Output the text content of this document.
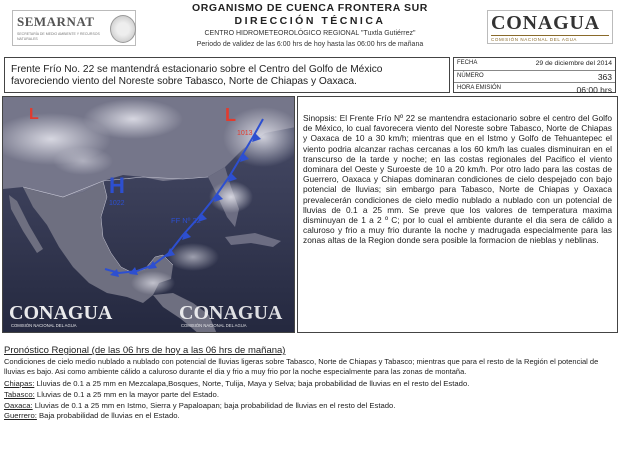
SEMARNAT
SECRETARÍA DE MEDIO AMBIENTE Y RECURSOS NATURALES
ORGANISMO DE CUENCA FRONTERA SUR
DIRECCIÓN TÉCNICA
CENTRO HIDROMETEOROLÓGICO REGIONAL "Tuxtla Gutiérrez"
Periodo de validez de las 6:00 hrs de hoy hasta las 06:00 hrs de mañana
CONAGUA
COMISIÓN NACIONAL DEL AGUA
Frente Frío No. 22 se mantendrá estacionario sobre el Centro del Golfo de México favoreciendo viento del Noreste sobre Tabasco, Norte de Chiapas y Oaxaca.
FECHA	29 de diciembre del 2014
NÚMERO	363
HORA EMISIÓN	06:00 hrs
L
1013
L
H
1022
FF Nº 22
CONAGUA
COMISIÓN NACIONAL DEL AGUA
CONAGUA
COMISIÓN NACIONAL DEL AGUA
Sinopsis: El Frente Frío Nº 22 se mantendra estacionario sobre el centro del Golfo de México, lo cual favorecera viento del Noreste sobre Tabasco, Norte de Chiapas y Oaxaca de 10 a 30 km/h; mientras que en el Istmo y Golfo de Tehuantepec el viento podria alcanzar rachas cercanas a los 60 km/h las cuales disminuiran en el transcurso de la tarde y noche; en las costas regionales del Pacifico el viento dominara del Oeste y Suroeste de 10 a 20 km/h. Por otro lado para las costas de Guerrero, Oaxaca y Chiapas dominaran condiciones de cielo despejado con bajo potencial de lluvias; sin embargo para Tabasco, Norte de Chiapas y Oaxaca prevalecerán condiciones de cielo medio nublado a nublado con un potencial de lluvias de 0.1 a 25 mm. Se preve que los valores de temperatura maxima disminuyan de 1 a 2 º C; por lo cual el ambiente durante el dia sera de cálido a caluroso y frio a muy frio durante la noche y madrugada especialmente para las zonas altas de la Region donde sera posible la formacion de nieblas y neblinas.
Pronóstico Regional (de las 06 hrs de hoy a las 06 hrs de mañana)
Condiciones de cielo medio nublado a nublado con potencial de lluvias ligeras sobre Tabasco, Norte de Chiapas y Tabasco; mientras que para el resto de la Región el potencial de lluvias es bajo. Asi como ambiente cálido a caluroso durante el dia y frio a muy frio por la noche especialmente para las zonas de montaña.
Chiapas: Lluvias de 0.1 a 25 mm en Mezcalapa,Bosques, Norte, Tulija, Maya y Selva; baja probabilidad de lluvias en el resto del Estado.
Tabasco: Lluvias de 0.1 a 25 mm en la mayor parte del Estado.
Oaxaca: Lluvias de 0.1 a 25 mm en Istmo, Sierra y Papaloapan; baja probabilidad de lluvias en el resto del Estado.
Guerrero: Baja probabilidad de lluvias en el Estado.
